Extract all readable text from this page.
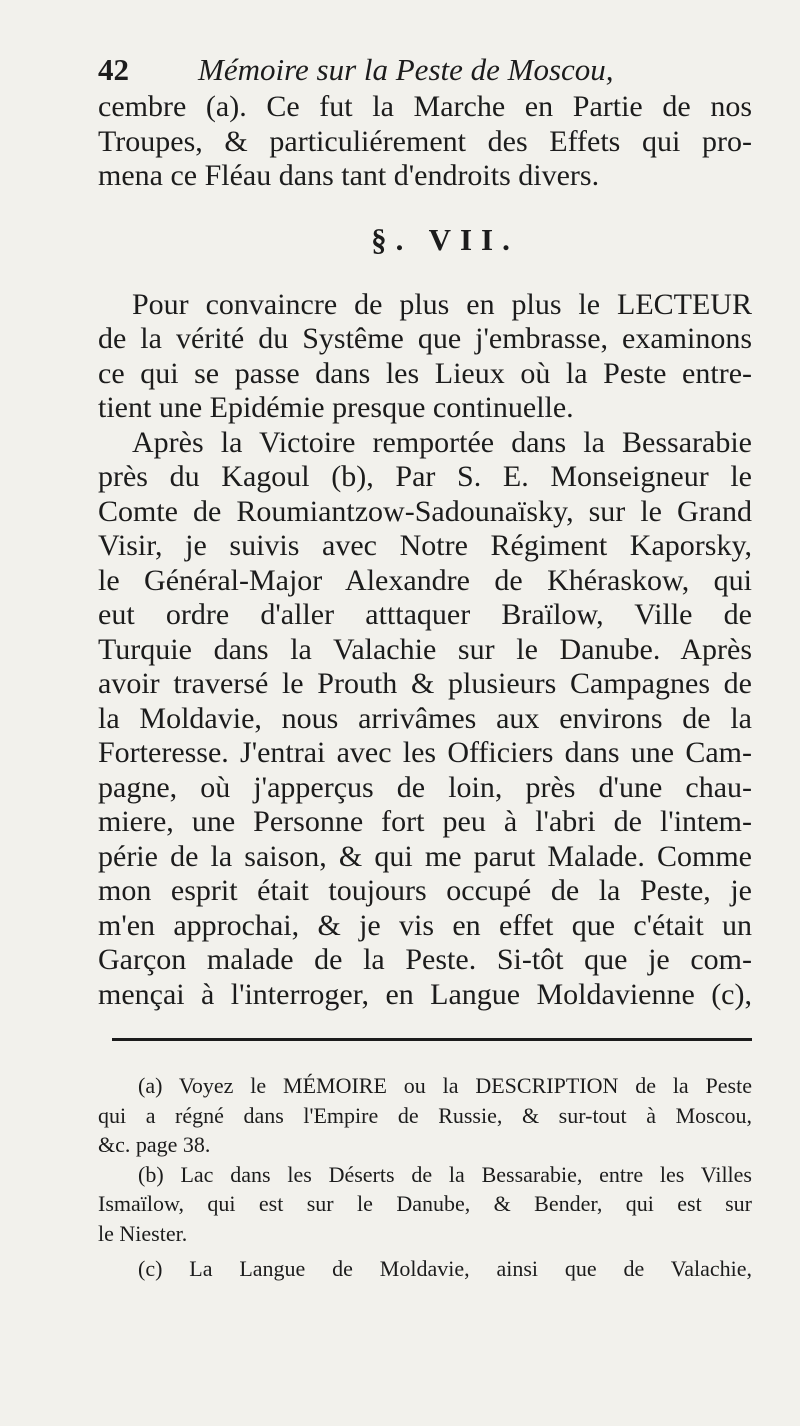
42 Mémoire sur la Peste de Moscou,
cembre (a). Ce fut la Marche en Partie de nos
Troupes, & particuliérement des Effets qui pro-
mena ce Fléau dans tant d'endroits divers.
§. VII.
Pour convaincre de plus en plus le LECTEUR
de la vérité du Systême que j'embrasse, examinons
ce qui se passe dans les Lieux où la Peste entre-
tient une Epidémie presque continuelle.
Après la Victoire remportée dans la Bessarabie
près du Kagoul (b), Par S. E. Monseigneur le
Comte de Roumiantzow-Sadounaïsky, sur le Grand
Visir, je suivis avec Notre Régiment Kaporsky,
le Général-Major Alexandre de Khéraskow, qui
eut ordre d'aller atttaquer Braïlow, Ville de
Turquie dans la Valachie sur le Danube. Après
avoir traversé le Prouth & plusieurs Campagnes de
la Moldavie, nous arrivâmes aux environs de la
Forteresse. J'entrai avec les Officiers dans une Cam-
pagne, où j'apperçus de loin, près d'une chau-
miere, une Personne fort peu à l'abri de l'intem-
périe de la saison, & qui me parut Malade. Comme
mon esprit était toujours occupé de la Peste, je
m'en approchai, & je vis en effet que c'était un
Garçon malade de la Peste. Si-tôt que je com-
mençai à l'interroger, en Langue Moldavienne (c),
(a) Voyez le MÉMOIRE ou la DESCRIPTION de la Peste
qui a régné dans l'Empire de Russie, & sur-tout à Moscou,
&c. page 38.
(b) Lac dans les Déserts de la Bessarabie, entre les Villes
Ismaïlow, qui est sur le Danube, & Bender, qui est sur
le Niester.
(c) La Langue de Moldavie, ainsi que de Valachie,
